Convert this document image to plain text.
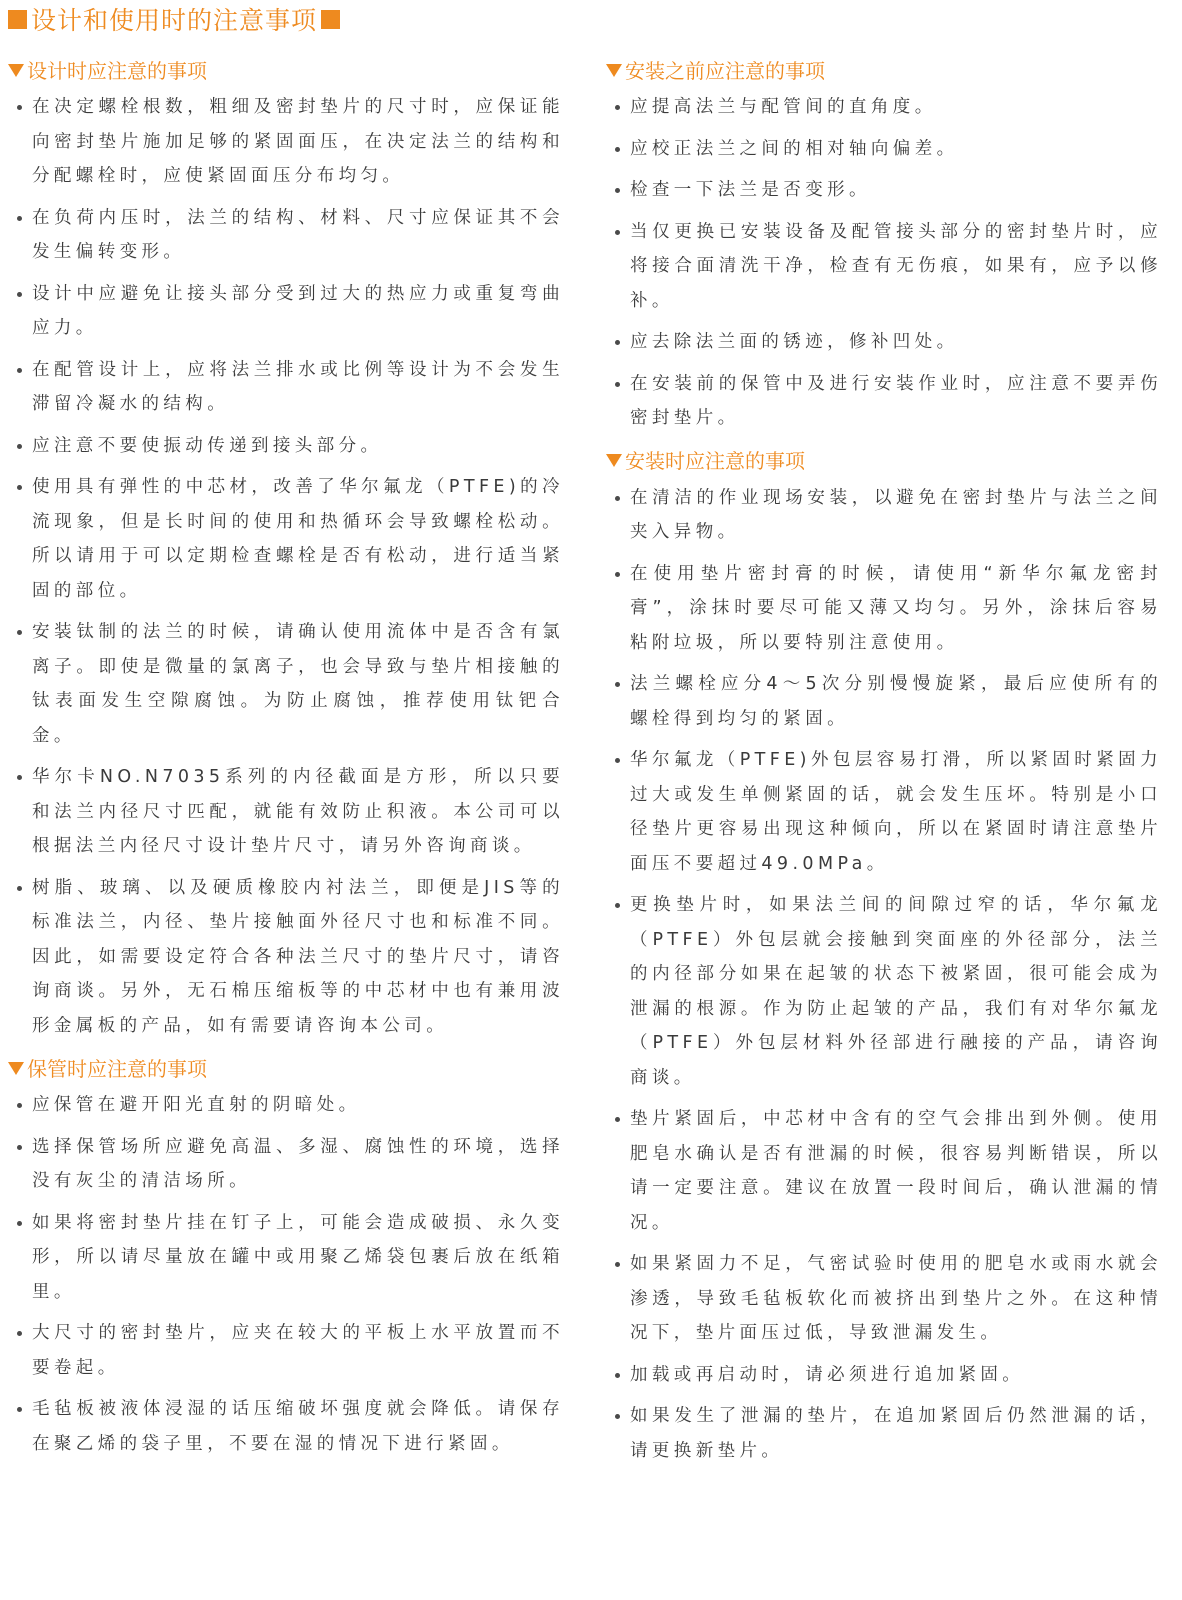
设计和使用时的注意事项
设计时应注意的事项
在决定螺栓根数，粗细及密封垫片的尺寸时，应保证能向密封垫片施加足够的紧固面压，在决定法兰的结构和分配螺栓时，应使紧固面压分布均匀。
在负荷内压时，法兰的结构、材料、尺寸应保证其不会发生偏转变形。
设计中应避免让接头部分受到过大的热应力或重复弯曲应力。
在配管设计上，应将法兰排水或比例等设计为不会发生滞留冷凝水的结构。
应注意不要使振动传递到接头部分。
使用具有弹性的中芯材，改善了华尔氟龙（PTFE)的冷流现象，但是长时间的使用和热循环会导致螺栓松动。所以请用于可以定期检查螺栓是否有松动，进行适当紧固的部位。
安装钛制的法兰的时候，请确认使用流体中是否含有氯离子。即使是微量的氯离子，也会导致与垫片相接触的钛表面发生空隙腐蚀。为防止腐蚀，推荐使用钛钯合金。
华尔卡NO.N7035系列的内径截面是方形，所以只要和法兰内径尺寸匹配，就能有效防止积液。本公司可以根据法兰内径尺寸设计垫片尺寸，请另外咨询商谈。
树脂、玻璃、以及硬质橡胶内衬法兰，即便是JIS等的标准法兰，内径、垫片接触面外径尺寸也和标准不同。因此，如需要设定符合各种法兰尺寸的垫片尺寸，请咨询商谈。另外，无石棉压缩板等的中芯材中也有兼用波形金属板的产品，如有需要请咨询本公司。
保管时应注意的事项
应保管在避开阳光直射的阴暗处。
选择保管场所应避免高温、多湿、腐蚀性的环境，选择没有灰尘的清洁场所。
如果将密封垫片挂在钉子上，可能会造成破损、永久变形，所以请尽量放在罐中或用聚乙烯袋包裹后放在纸箱里。
大尺寸的密封垫片，应夹在较大的平板上水平放置而不要卷起。
毛毡板被液体浸湿的话压缩破坏强度就会降低。请保存在聚乙烯的袋子里，不要在湿的情况下进行紧固。
安装之前应注意的事项
应提高法兰与配管间的直角度。
应校正法兰之间的相对轴向偏差。
检查一下法兰是否变形。
当仅更换已安装设备及配管接头部分的密封垫片时，应将接合面清洗干净，检查有无伤痕，如果有，应予以修补。
应去除法兰面的锈迹，修补凹处。
在安装前的保管中及进行安装作业时，应注意不要弄伤密封垫片。
安装时应注意的事项
在清洁的作业现场安装，以避免在密封垫片与法兰之间夹入异物。
在使用垫片密封膏的时候，请使用“新华尔氟龙密封膏”，涂抹时要尽可能又薄又均匀。另外，涂抹后容易粘附垃圾，所以要特别注意使用。
法兰螺栓应分4～5次分别慢慢旋紧，最后应使所有的螺栓得到均匀的紧固。
华尔氟龙（PTFE)外包层容易打滑，所以紧固时紧固力过大或发生单侧紧固的话，就会发生压坏。特别是小口径垫片更容易出现这种倾向，所以在紧固时请注意垫片面压不要超过49.0MPa。
更换垫片时，如果法兰间的间隙过窄的话，华尔氟龙（PTFE）外包层就会接触到突面座的外径部分，法兰的内径部分如果在起皱的状态下被紧固，很可能会成为泄漏的根源。作为防止起皱的产品，我们有对华尔氟龙（PTFE）外包层材料外径部进行融接的产品，请咨询商谈。
垫片紧固后，中芯材中含有的空气会排出到外侧。使用肥皂水确认是否有泄漏的时候，很容易判断错误，所以请一定要注意。建议在放置一段时间后，确认泄漏的情况。
如果紧固力不足，气密试验时使用的肥皂水或雨水就会渗透，导致毛毡板软化而被挤出到垫片之外。在这种情况下，垫片面压过低，导致泄漏发生。
加载或再启动时，请必须进行追加紧固。
如果发生了泄漏的垫片，在追加紧固后仍然泄漏的话，请更换新垫片。
